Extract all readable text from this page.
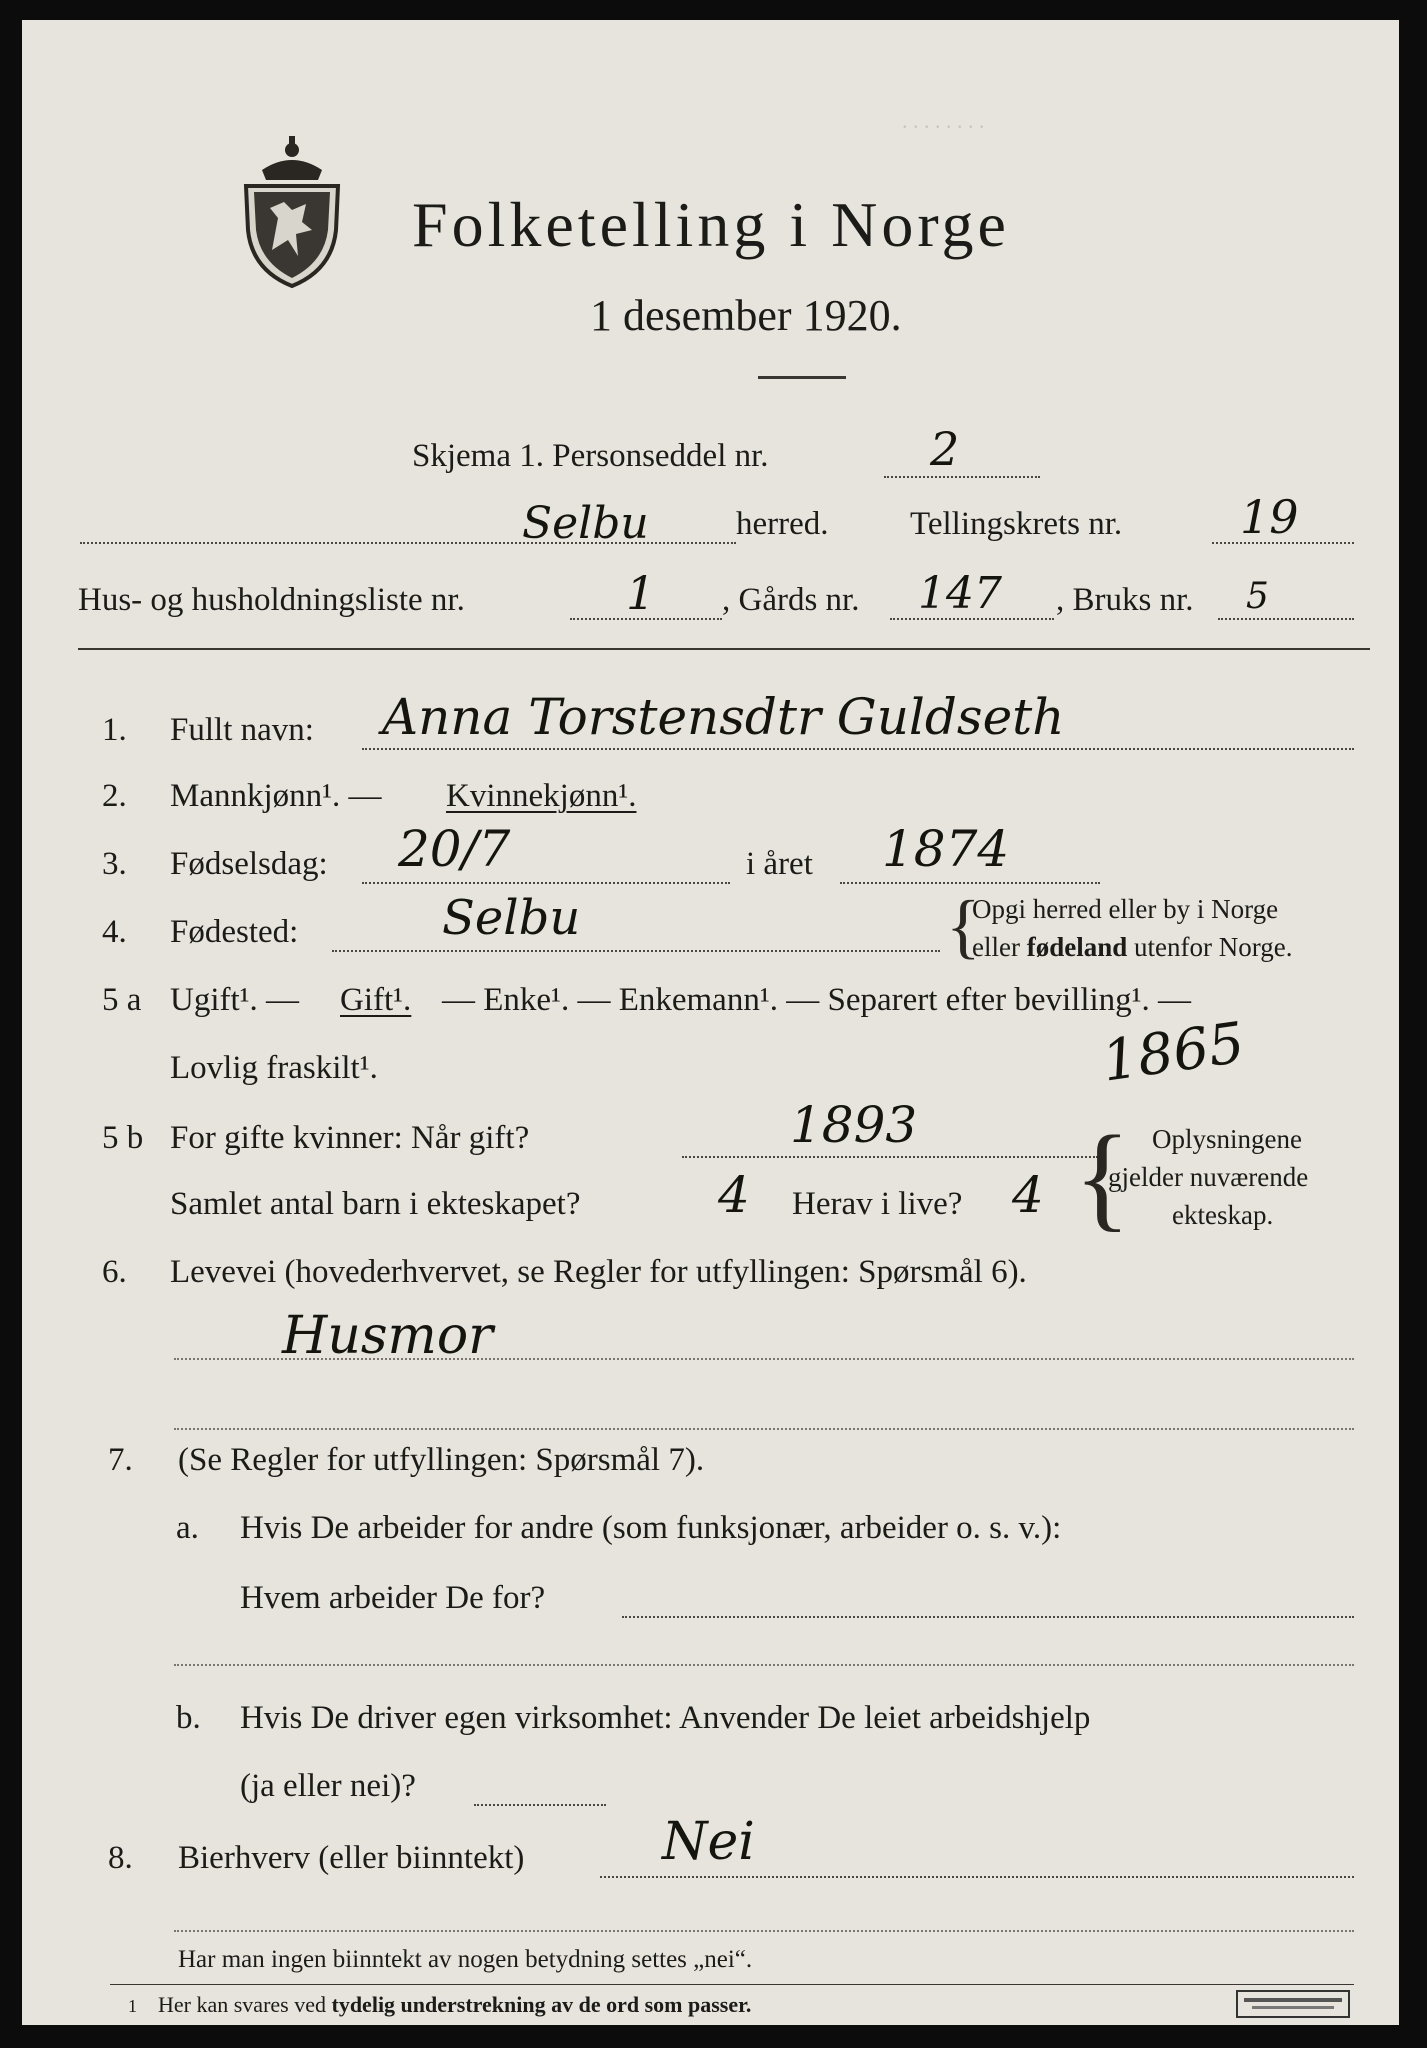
. . . . . . . .
Folketelling i Norge
1 desember 1920.
Skjema 1. Personseddel nr.	2
Selbu	herred. Tellingskrets nr.	19
Hus- og husholdningsliste nr.	1 , Gårds nr. 147 , Bruks nr. 5
1. Fullt navn: Anna Torstensdtr Guldseth
2. Mannkjønn¹. — Kvinnekjønn¹.
3. Fødselsdag: 20/7	i året 1874
4. Fødested:	Selbu	{
Opgi herred eller by i Norge
eller fødeland utenfor Norge.
5 a Ugift¹. — Gift¹. — Enke¹. — Enkemann¹. — Separert efter bevilling¹. —
Lovlig fraskilt¹.	1865
5 b For gifte kvinner: Når gift?	1893
Samlet antal barn i ekteskapet?	4 Herav i live? 4 { Oplysningene
gjelder nuværende
ekteskap.
6. Levevei (hovederhvervet, se Regler for utfyllingen: Spørsmål 6).
Husmor
7. (Se Regler for utfyllingen: Spørsmål 7).
a. Hvis De arbeider for andre (som funksjonær, arbeider o. s. v.):
Hvem arbeider De for?
b. Hvis De driver egen virksomhet: Anvender De leiet arbeidshjelp
(ja eller nei)?
8. Bierhverv (eller biinntekt)	Nei
Har man ingen biinntekt av nogen betydning settes „nei“.
1 Her kan svares ved tydelig understrekning av de ord som passer.
